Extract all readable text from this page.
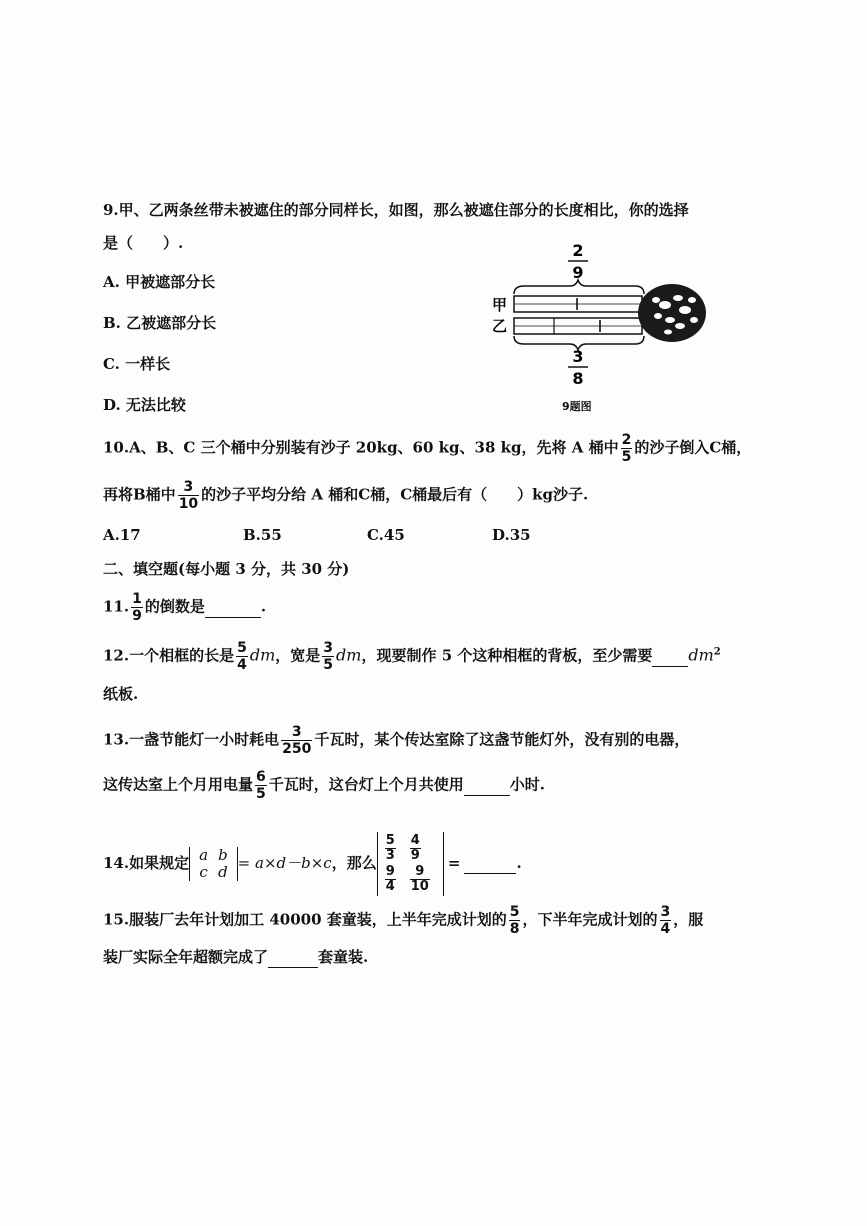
9.甲、乙两条丝带未被遮住的部分同样长，如图，那么被遮住部分的长度相比，你的选择
是（　　）.
A. 甲被遮部分长
B. 乙被遮部分长
C. 一样长
D. 无法比较
2
9
甲
乙
3
8
9题图
10.A、B、C 三个桶中分别装有沙子 20kg、60 kg、38 kg，先将 A 桶中 $\frac{2}{5}$ 的沙子倒入C桶，
再将B桶中 $\frac{3}{10}$ 的沙子平均分给 A 桶和C桶，C桶最后有（　　）kg沙子.
A.17	B.55	C.45	D.35
二、填空题(每小题 3 分，共 30 分)
11. $\frac{1}{9}$ 的倒数是	.
12.一个相框的长是 $\frac{5}{4}$ dm，宽是 $\frac{3}{5}$ dm，现要制作 5 个这种相框的背板，至少需要 $dm^2$
纸板.
13.一盏节能灯一小时耗电 $\frac{3}{250}$ 千瓦时，某个传达室除了这盏节能灯外，没有别的电器，
这传达室上个月用电量 $\frac{6}{5}$ 千瓦时，这台灯上个月共使用	小时.
14.如果规定 a	b
c	d = a×d－b×c，那么 $\frac{5}{3}$	$\frac{4}{9}$

$\frac{9}{4}$	$\frac{9}{10}$
=	.
15.服装厂去年计划加工 40000 套童装，上半年完成计划的 $\frac{5}{8}$ ，下半年完成计划的 $\frac{3}{4}$ ，服
装厂实际全年超额完成了	套童装.
